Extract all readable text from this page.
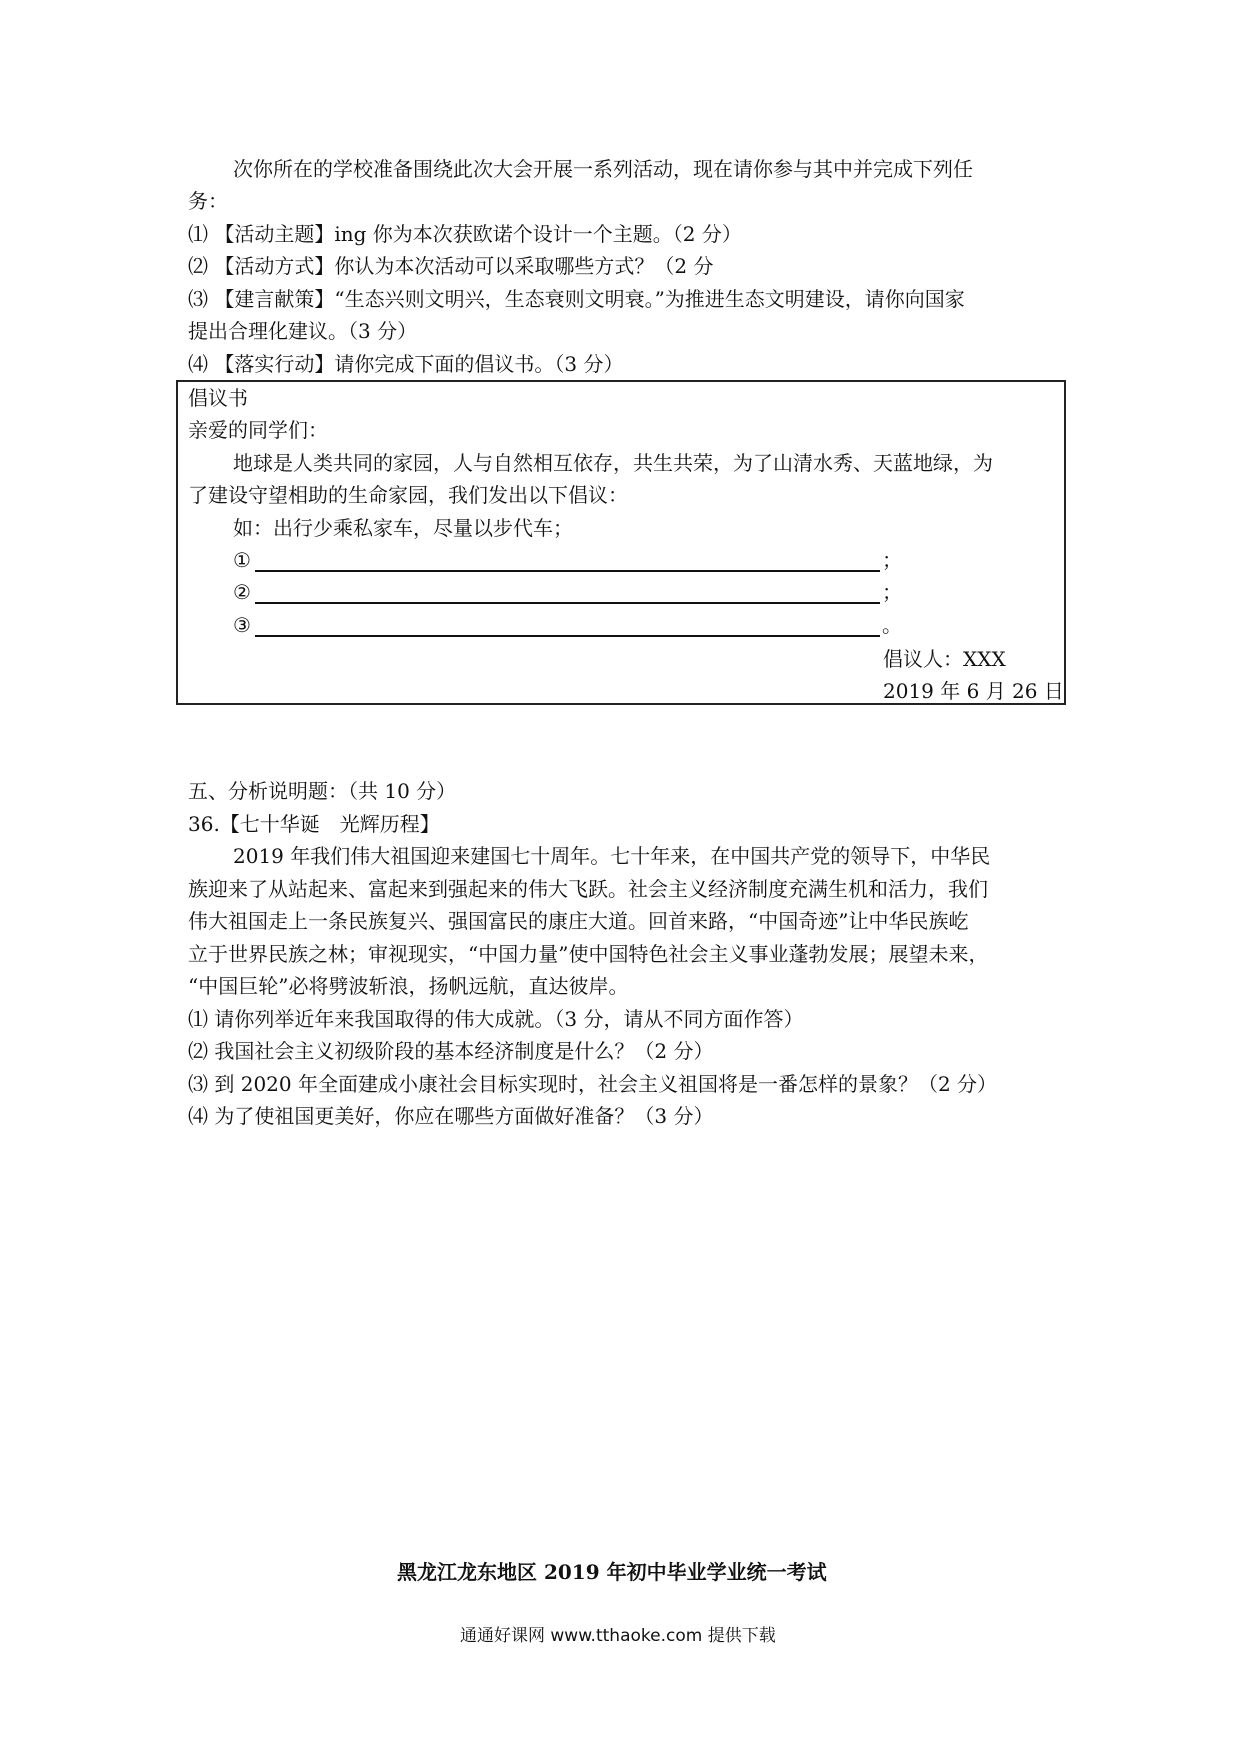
次你所在的学校准备围绕此次大会开展一系列活动，现在请你参与其中并完成下列任
务：
⑴ 【活动主题】ing 你为本次获欧诺个设计一个主题。（2 分）
⑵ 【活动方式】你认为本次活动可以采取哪些方式？（2 分
⑶ 【建言献策】“生态兴则文明兴，生态衰则文明衰。”为推进生态文明建设，请你向国家
提出合理化建议。（3 分）
⑷ 【落实行动】请你完成下面的倡议书。（3 分）
倡议书
亲爱的同学们：
地球是人类共同的家园，人与自然相互依存，共生共荣，为了山清水秀、天蓝地绿，为
了建设守望相助的生命家园，我们发出以下倡议：
如：出行少乘私家车，尽量以步代车；
①	；
②	；
③	。
倡议人：XXX
2019 年 6 月 26 日
五、分析说明题：（共 10 分）
36.【七十华诞　光辉历程】
2019 年我们伟大祖国迎来建国七十周年。七十年来，在中国共产党的领导下，中华民
族迎来了从站起来、富起来到强起来的伟大飞跃。社会主义经济制度充满生机和活力，我们
伟大祖国走上一条民族复兴、强国富民的康庄大道。回首来路，“中国奇迹”让中华民族屹
立于世界民族之林；审视现实，“中国力量”使中国特色社会主义事业蓬勃发展；展望未来，
“中国巨轮”必将劈波斩浪，扬帆远航，直达彼岸。
⑴ 请你列举近年来我国取得的伟大成就。（3 分，请从不同方面作答）
⑵ 我国社会主义初级阶段的基本经济制度是什么？（2 分）
⑶ 到 2020 年全面建成小康社会目标实现时，社会主义祖国将是一番怎样的景象？（2 分）
⑷ 为了使祖国更美好，你应在哪些方面做好准备？（3 分）
黑龙江龙东地区 2019 年初中毕业学业统一考试
通通好课网 www.tthaoke.com 提供下载
